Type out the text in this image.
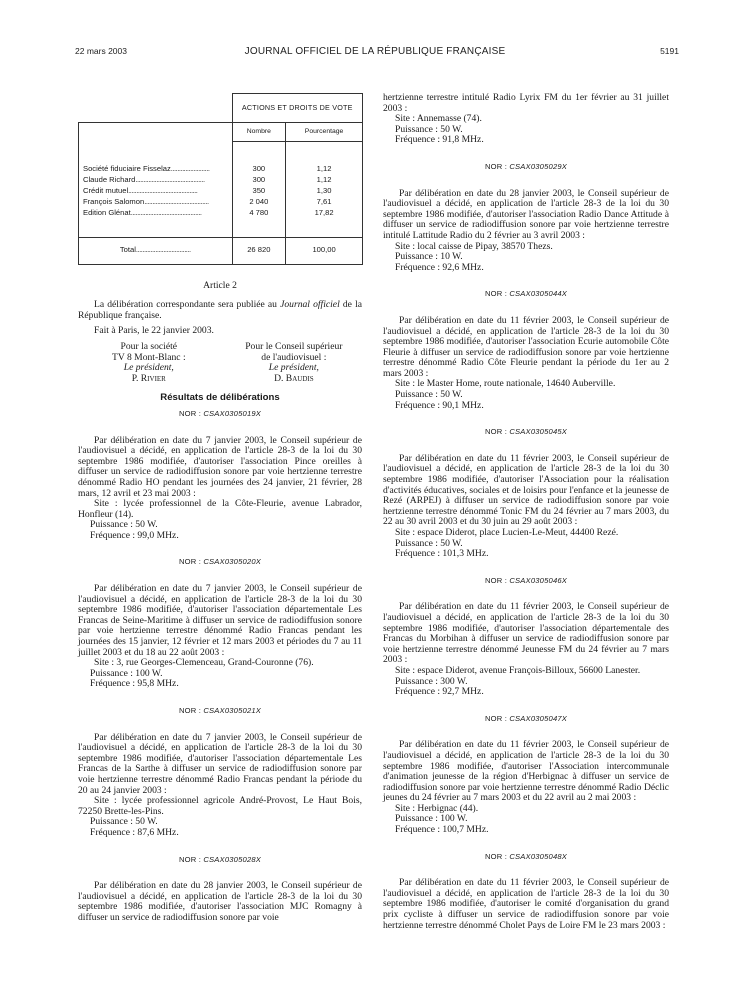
22 mars 2003	JOURNAL OFFICIEL DE LA RÉPUBLIQUE FRANÇAISE	5191
	ACTIONS ET DROITS DE VOTE	
	Nombre	Pourcentage
Société fiduciaire Fisselaz........................	300	1,12
Claude Richard...........................................	300	1,12
Crédit mutuel...........................................	350	1,30
François Salomon........................................	2 040	7,61
Edition Glénat............................................	4 780	17,82
Total..................................	26 820	100,00

Article 2

La délibération correspondante sera publiée au Journal officiel de la République française.

Fait à Paris, le 22 janvier 2003.

Pour la société
TV 8 Mont-Blanc :
Le président,
P. Rivier
Pour le Conseil supérieur
de l'audiovisuel :
Le président,
D. Baudis

Résultats de délibérations

NOR : CSAX0305019X

Par délibération en date du 7 janvier 2003, le Conseil supérieur de l'audiovisuel a décidé, en application de l'article 28-3 de la loi du 30 septembre 1986 modifiée, d'autoriser l'association Pince oreilles à diffuser un service de radiodiffusion sonore par voie hertzienne terrestre dénommé Radio HO pendant les journées des 24 janvier, 21 février, 28 mars, 12 avril et 23 mai 2003 :

Site : lycée professionnel de la Côte-Fleurie, avenue Labrador, Honfleur (14).

Puissance : 50 W.

Fréquence : 99,0 MHz.

NOR : CSAX0305020X

Par délibération en date du 7 janvier 2003, le Conseil supérieur de l'audiovisuel a décidé, en application de l'article 28-3 de la loi du 30 septembre 1986 modifiée, d'autoriser l'association départementale Les Francas de Seine-Maritime à diffuser un service de radiodiffusion sonore par voie hertzienne terrestre dénommé Radio Francas pendant les journées des 15 janvier, 12 février et 12 mars 2003 et périodes du 7 au 11 juillet 2003 et du 18 au 22 août 2003 :

Site : 3, rue Georges-Clemenceau, Grand-Couronne (76).

Puissance : 100 W.

Fréquence : 95,8 MHz.

NOR : CSAX0305021X

Par délibération en date du 7 janvier 2003, le Conseil supérieur de l'audiovisuel a décidé, en application de l'article 28-3 de la loi du 30 septembre 1986 modifiée, d'autoriser l'association départementale Les Francas de la Sarthe à diffuser un service de radiodiffusion sonore par voie hertzienne terrestre dénommé Radio Francas pendant la période du 20 au 24 janvier 2003 :

Site : lycée professionnel agricole André-Provost, Le Haut Bois, 72250 Brette-les-Pins.

Puissance : 50 W.

Fréquence : 87,6 MHz.

NOR : CSAX0305028X

Par délibération en date du 28 janvier 2003, le Conseil supérieur de l'audiovisuel a décidé, en application de l'article 28-3 de la loi du 30 septembre 1986 modifiée, d'autoriser l'association MJC Romagny à diffuser un service de radiodiffusion sonore par voie

hertzienne terrestre intitulé Radio Lyrix FM du 1er février au 31 juillet 2003 :

Site : Annemasse (74).

Puissance : 50 W.

Fréquence : 91,8 MHz.

NOR : CSAX0305029X

Par délibération en date du 28 janvier 2003, le Conseil supérieur de l'audiovisuel a décidé, en application de l'article 28-3 de la loi du 30 septembre 1986 modifiée, d'autoriser l'association Radio Dance Attitude à diffuser un service de radiodiffusion sonore par voie hertzienne terrestre intitulé Lattitude Radio du 2 février au 3 avril 2003 :

Site : local caisse de Pipay, 38570 Thezs.

Puissance : 10 W.

Fréquence : 92,6 MHz.

NOR : CSAX0305044X

Par délibération en date du 11 février 2003, le Conseil supérieur de l'audiovisuel a décidé, en application de l'article 28-3 de la loi du 30 septembre 1986 modifiée, d'autoriser l'association Ecurie automobile Côte Fleurie à diffuser un service de radiodiffusion sonore par voie hertzienne terrestre dénommé Radio Côte Fleurie pendant la période du 1er au 2 mars 2003 :

Site : le Master Home, route nationale, 14640 Auberville.

Puissance : 50 W.

Fréquence : 90,1 MHz.

NOR : CSAX0305045X

Par délibération en date du 11 février 2003, le Conseil supérieur de l'audiovisuel a décidé, en application de l'article 28-3 de la loi du 30 septembre 1986 modifiée, d'autoriser l'Association pour la réalisation d'activités éducatives, sociales et de loisirs pour l'enfance et la jeunesse de Rezé (ARPEJ) à diffuser un service de radiodiffusion sonore par voie hertzienne terrestre dénommé Tonic FM du 24 février au 7 mars 2003, du 22 au 30 avril 2003 et du 30 juin au 29 août 2003 :

Site : espace Diderot, place Lucien-Le-Meut, 44400 Rezé.

Puissance : 50 W.

Fréquence : 101,3 MHz.

NOR : CSAX0305046X

Par délibération en date du 11 février 2003, le Conseil supérieur de l'audiovisuel a décidé, en application de l'article 28-3 de la loi du 30 septembre 1986 modifiée, d'autoriser l'association départementale des Francas du Morbihan à diffuser un service de radiodiffusion sonore par voie hertzienne terrestre dénommé Jeunesse FM du 24 février au 7 mars 2003 :

Site : espace Diderot, avenue François-Billoux, 56600 Lanester.

Puissance : 300 W.

Fréquence : 92,7 MHz.

NOR : CSAX0305047X

Par délibération en date du 11 février 2003, le Conseil supérieur de l'audiovisuel a décidé, en application de l'article 28-3 de la loi du 30 septembre 1986 modifiée, d'autoriser l'Association intercommunale d'animation jeunesse de la région d'Herbignac à diffuser un service de radiodiffusion sonore par voie hertzienne terrestre dénommé Radio Déclic jeunes du 24 février au 7 mars 2003 et du 22 avril au 2 mai 2003 :

Site : Herbignac (44).

Puissance : 100 W.

Fréquence : 100,7 MHz.

NOR : CSAX0305048X

Par délibération en date du 11 février 2003, le Conseil supérieur de l'audiovisuel a décidé, en application de l'article 28-3 de la loi du 30 septembre 1986 modifiée, d'autoriser le comité d'organisation du grand prix cycliste à diffuser un service de radiodiffusion sonore par voie hertzienne terrestre dénommé Cholet Pays de Loire FM le 23 mars 2003 :
